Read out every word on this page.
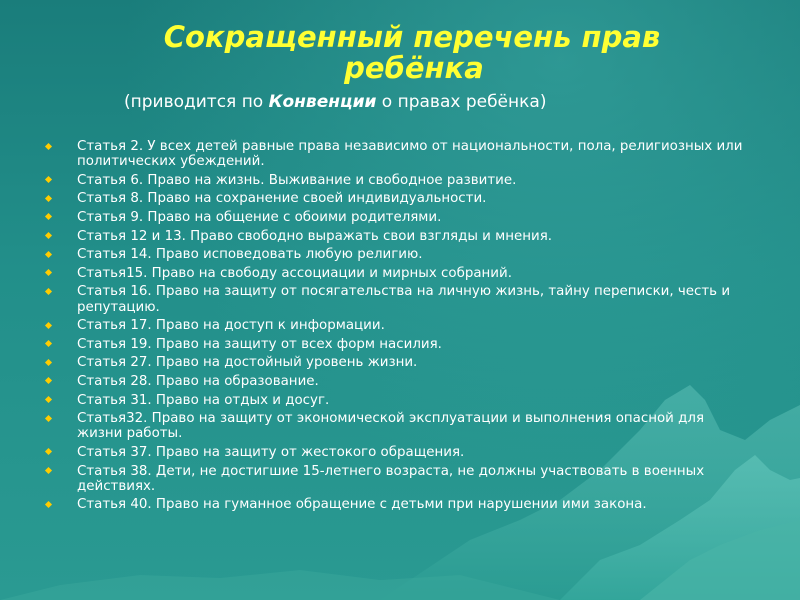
Сокращенный перечень прав
ребёнка
(приводится по Конвенции о правах ребёнка)
Статья 2. У всех детей равные права независимо от национальности, пола, религиозных или политических убеждений.
Статья 6. Право на жизнь. Выживание и свободное развитие.
Статья 8. Право на сохранение своей индивидуальности.
Статья 9. Право на общение с обоими родителями.
Статья 12 и 13. Право свободно выражать свои взгляды и мнения.
Статья 14. Право исповедовать любую религию.
Статья15. Право на свободу ассоциации и мирных собраний.
Статья 16. Право на защиту от посягательства на личную жизнь, тайну переписки, честь и репутацию.
Статья 17. Право на доступ к информации.
Статья 19. Право на защиту от всех форм насилия.
Статья 27. Право на достойный уровень жизни.
Статья 28. Право на образование.
Статья 31. Право на отдых и досуг.
Статья32. Право на защиту от экономической эксплуатации и выполнения опасной для жизни работы.
Статья 37. Право на защиту от жестокого обращения.
Статья 38. Дети, не достигшие 15-летнего возраста, не должны участвовать в военных действиях.
Статья 40. Право на гуманное обращение с детьми при нарушении ими закона.
